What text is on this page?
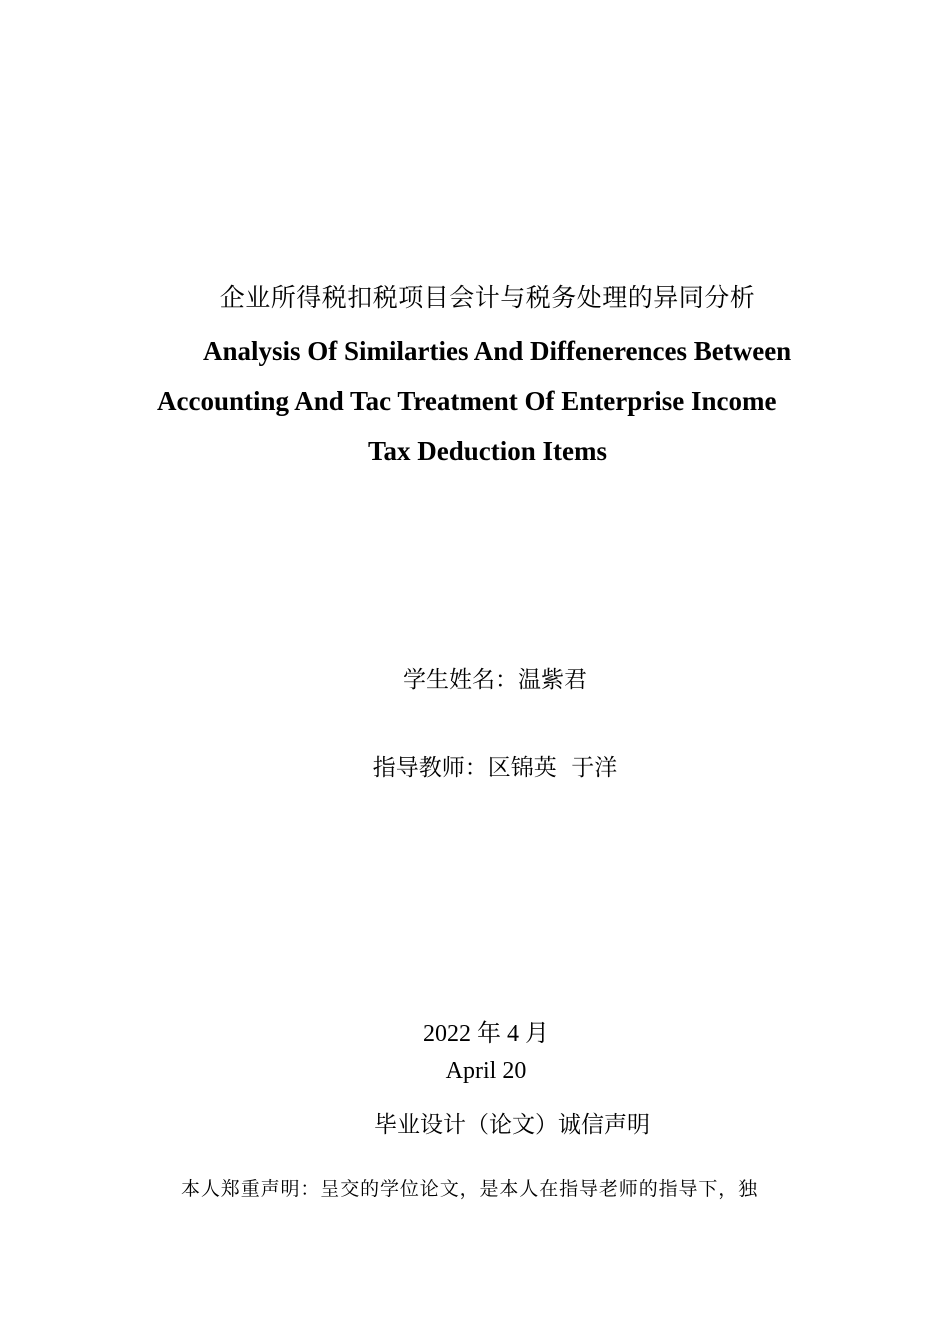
企业所得税扣税项目会计与税务处理的异同分析
Analysis Of Similarties And Diffenerences Between
Accounting And Tac Treatment Of Enterprise Income
Tax Deduction Items
学生姓名：温紫君
指导教师：区锦英  于洋
2022 年 4 月
April 20
毕业设计（论文）诚信声明
本人郑重声明：呈交的学位论文，是本人在指导老师的指导下，独
